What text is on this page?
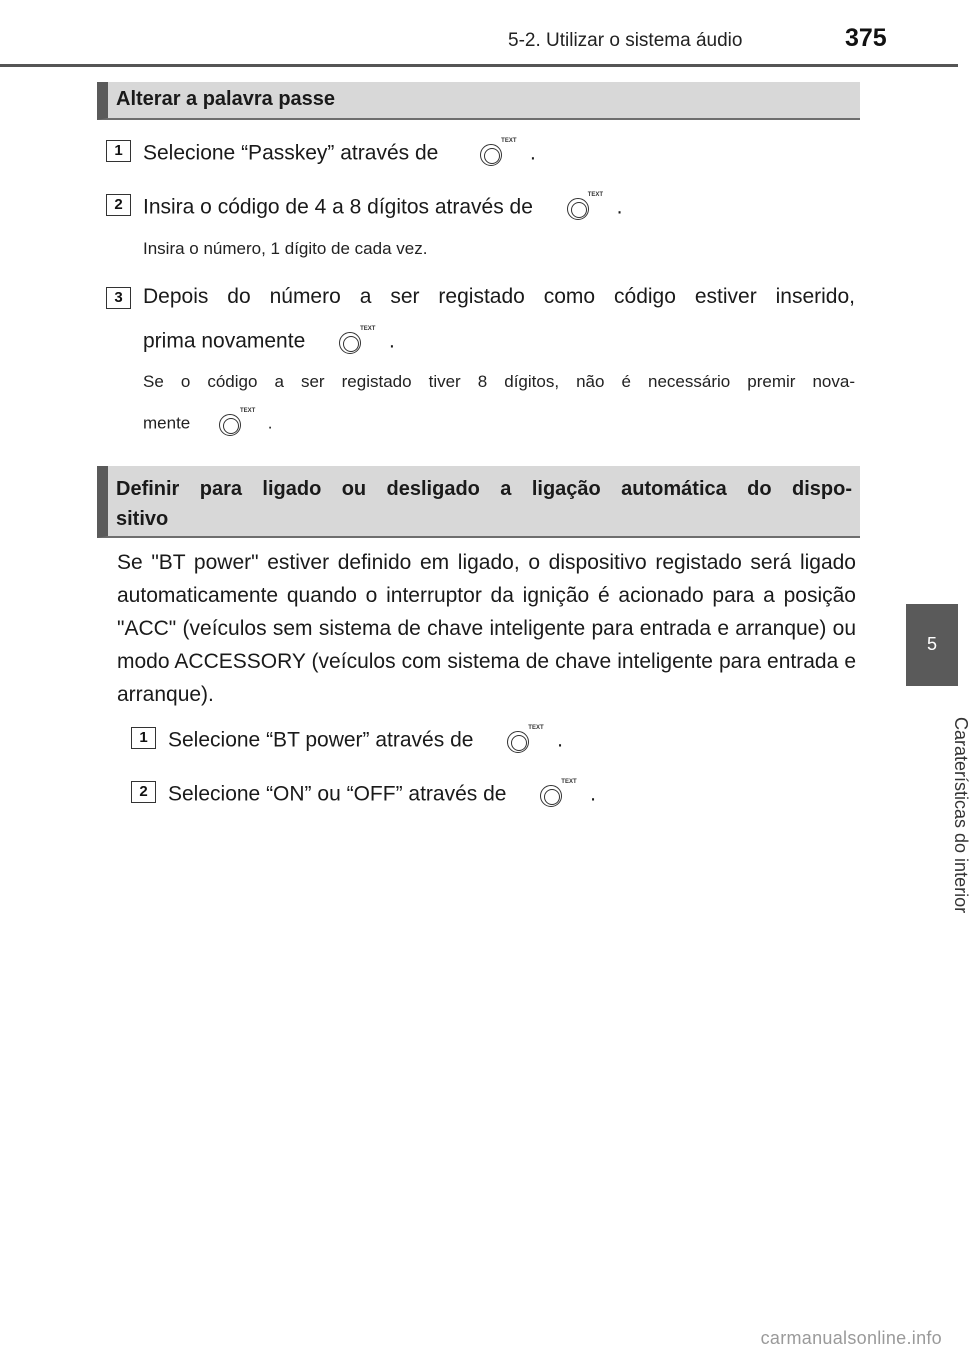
5-2. Utilizar o sistema áudio	375
5
Caraterísticas do interior
Alterar a palavra passe
1 Selecione “Passkey” através de
TEXT
.
2 Insira o código de 4 a 8 dígitos através de
TEXT
.
Insira o número, 1 dígito de cada vez.
3 Depois do número a ser registado como código estiver inserido,
prima novamente
TEXT
.
Se o código a ser registado tiver 8 dígitos, não é necessário premir nova-
mente
TEXT
.
Definir para ligado ou desligado a ligação automática do dispo-
sitivo
Se "BT power" estiver definido em ligado, o dispositivo registado será ligado automaticamente quando o interruptor da ignição é acionado para a posição "ACC" (veículos sem sistema de chave inteligente para entrada e arranque) ou modo ACCESSORY (veículos com sistema de chave inteligente para entrada e arranque).
1 Selecione “BT power” através de
TEXT
.
2 Selecione “ON” ou “OFF” através de
TEXT
.
carmanualsonline.info
